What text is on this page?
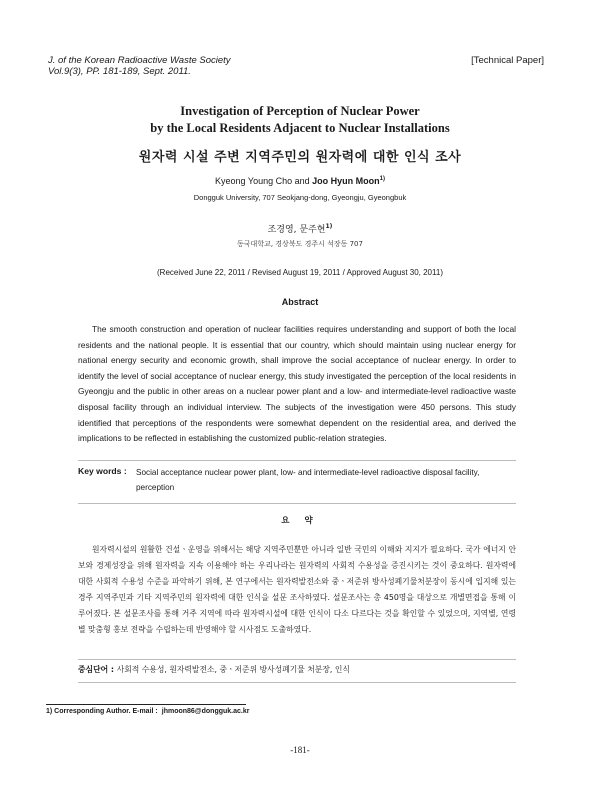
J. of the Korean Radioactive Waste Society
Vol.9(3), PP. 181-189, Sept. 2011.
[Technical Paper]
Investigation of Perception of Nuclear Power
by the Local Residents Adjacent to Nuclear Installations
원자력 시설 주변 지역주민의 원자력에 대한 인식 조사
Kyeong Young Cho and Joo Hyun Moon$^{1)}$
Dongguk University, 707 Seokjang-dong, Gyeongju, Gyeongbuk
조경영, 문주현$^{1)}$
동국대학교, 경상북도 경주시 석장동 707
(Received June 22, 2011 / Revised August 19, 2011 / Approved August 30, 2011)
Abstract
The smooth construction and operation of nuclear facilities requires understanding and support of both the local residents and the national people. It is essential that our country, which should maintain using nuclear energy for national energy security and economic growth, shall improve the social acceptance of nuclear energy. In order to identify the level of social acceptance of nuclear energy, this study investigated the perception of the local residents in Gyeongju and the public in other areas on a nuclear power plant and a low- and intermediate-level radioactive waste disposal facility through an individual interview. The subjects of the investigation were 450 persons. This study identified that perceptions of the respondents were somewhat dependent on the residential area, and derived the implications to be reflected in establishing the customized public-relation strategies.
Key words : Social acceptance nuclear power plant, low- and intermediate-level radioactive disposal facility, perception
요 약
원자력시설의 원활한 건설ㆍ운영을 위해서는 해당 지역주민뿐만 아니라 일반 국민의 이해와 지지가 필요하다. 국가 에너지 안보와 경제성장을 위해 원자력을 지속 이용해야 하는 우리나라는 원자력의 사회적 수용성을 증진시키는 것이 중요하다. 원자력에 대한 사회적 수용성 수준을 파악하기 위해, 본 연구에서는 원자력발전소와 중ㆍ저준위 방사성폐기물처분장이 동시에 입지해 있는 경주 지역주민과 기타 지역주민의 원자력에 대한 인식을 설문 조사하였다. 설문조사는 총 450명을 대상으로 개별면접을 통해 이루어졌다. 본 설문조사를 통해 거주 지역에 따라 원자력시설에 대한 인식이 다소 다르다는 것을 확인할 수 있었으며, 지역별, 연령별 맞춤형 홍보 전략을 수립하는데 반영해야 할 시사점도 도출하였다.
중심단어 : 사회적 수용성, 원자력발전소, 중ㆍ저준위 방사성폐기물 처분장, 인식
1) Corresponding Author. E-mail : jhmoon86@dongguk.ac.kr
-181-
